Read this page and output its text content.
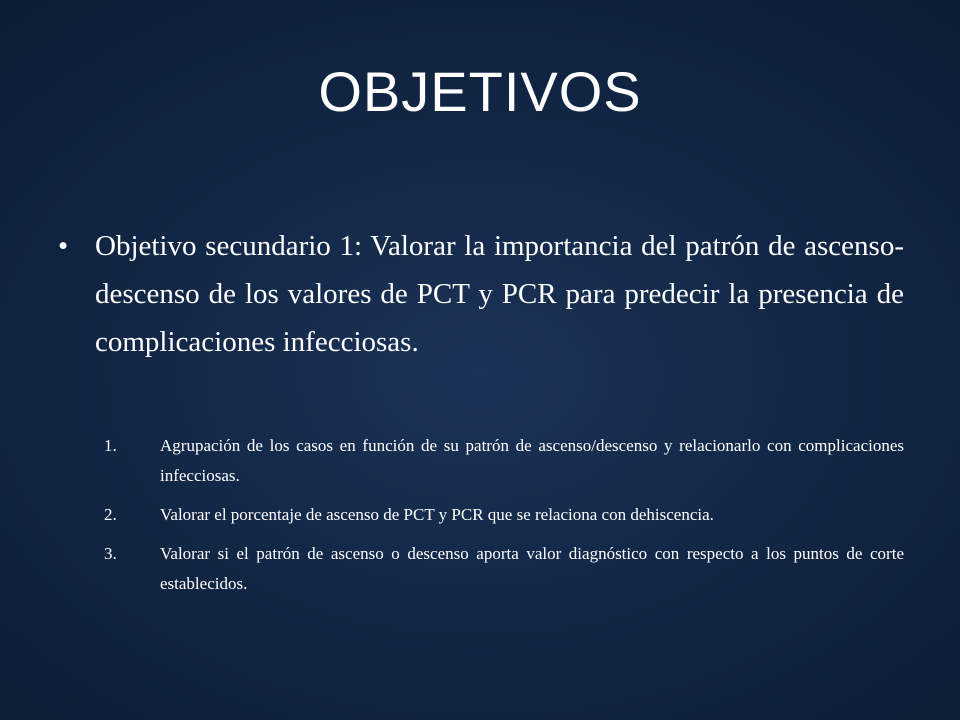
OBJETIVOS
• Objetivo secundario 1: Valorar la importancia del patrón de ascenso-descenso de los valores de PCT y PCR para predecir la presencia de complicaciones infecciosas.
1.	Agrupación de los casos en función de su patrón de ascenso/descenso y relacionarlo con complicaciones infecciosas.
2.	Valorar el porcentaje de ascenso de PCT y PCR que se relaciona con dehiscencia.
3.	Valorar si el patrón de ascenso o descenso aporta valor diagnóstico con respecto a los puntos de corte establecidos.
